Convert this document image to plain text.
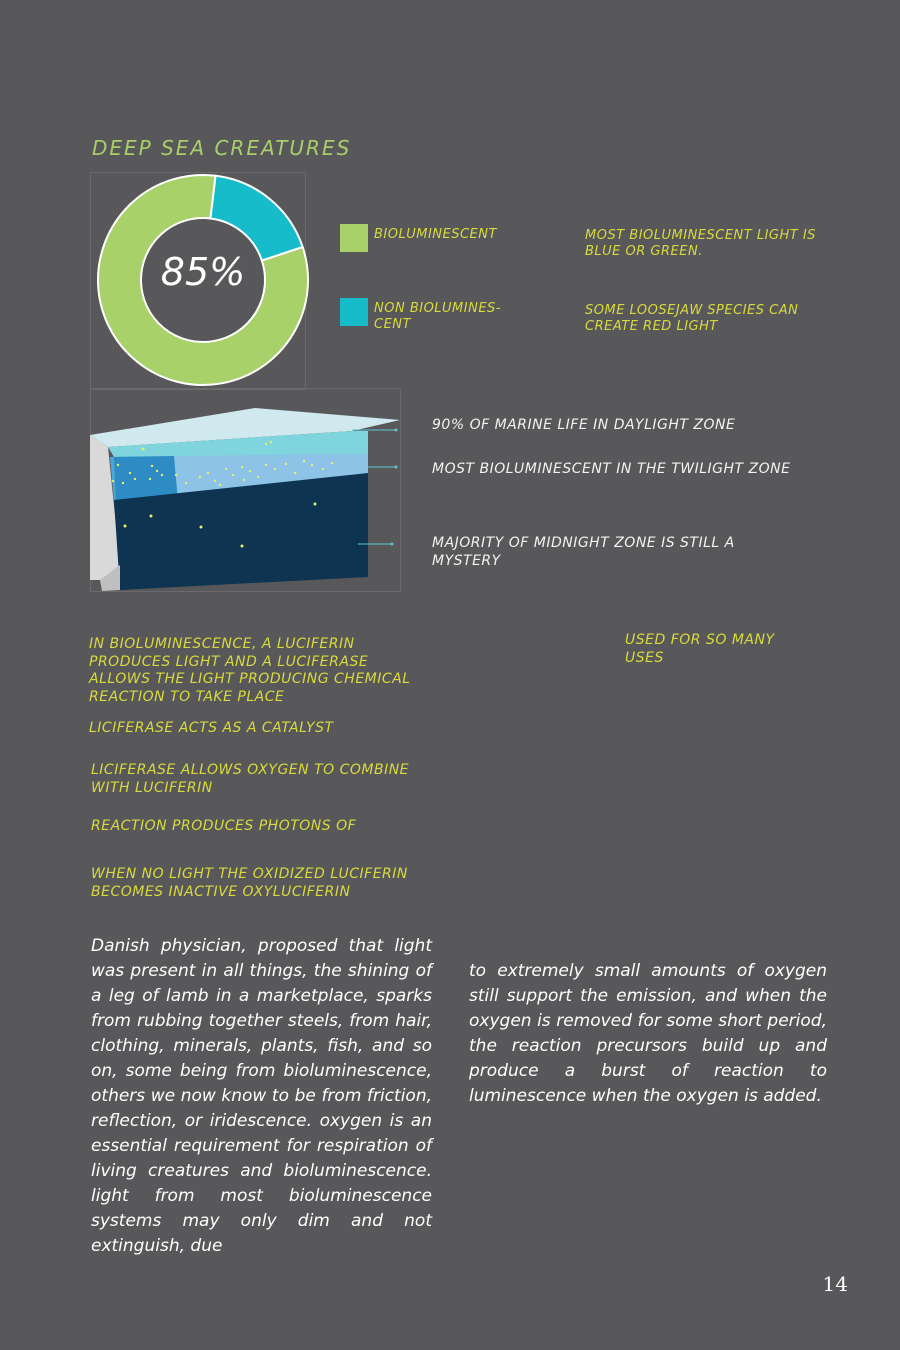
DEEP SEA CREATURES
85%
BIOLUMINESCENT
NON BIOLUMINES-
CENT
MOST BIOLUMINESCENT LIGHT IS
BLUE OR GREEN.
SOME LOOSEJAW SPECIES CAN
CREATE RED LIGHT
90% OF MARINE LIFE IN DAYLIGHT ZONE
MOST BIOLUMINESCENT IN THE TWILIGHT ZONE
MAJORITY OF MIDNIGHT ZONE IS STILL A
MYSTERY
IN BIOLUMINESCENCE, A LUCIFERIN
PRODUCES LIGHT AND A LUCIFERASE
ALLOWS THE LIGHT PRODUCING CHEMICAL
REACTION TO TAKE PLACE
LICIFERASE ACTS AS A CATALYST
LICIFERASE ALLOWS OXYGEN TO COMBINE
WITH LUCIFERIN
REACTION PRODUCES PHOTONS OF
WHEN NO LIGHT THE OXIDIZED LUCIFERIN
BECOMES INACTIVE OXYLUCIFERIN
USED FOR SO MANY
USES
Danish physician, proposed that light was present in all things, the shining of a leg of lamb in a marketplace, sparks from rubbing together steels, from hair, clothing, minerals, plants, fish, and so on, some being from bioluminescence, others we now know to be from friction, reflection, or iridescence. oxygen is an essential requirement for respiration of living creatures and bioluminescence. light from most bioluminescence systems may only dim and not extinguish, due
to extremely small amounts of oxygen still support the emission, and when the oxygen is removed for some short period, the reaction precursors build up and produce a burst of reaction to luminescence when the oxygen is added.
14
